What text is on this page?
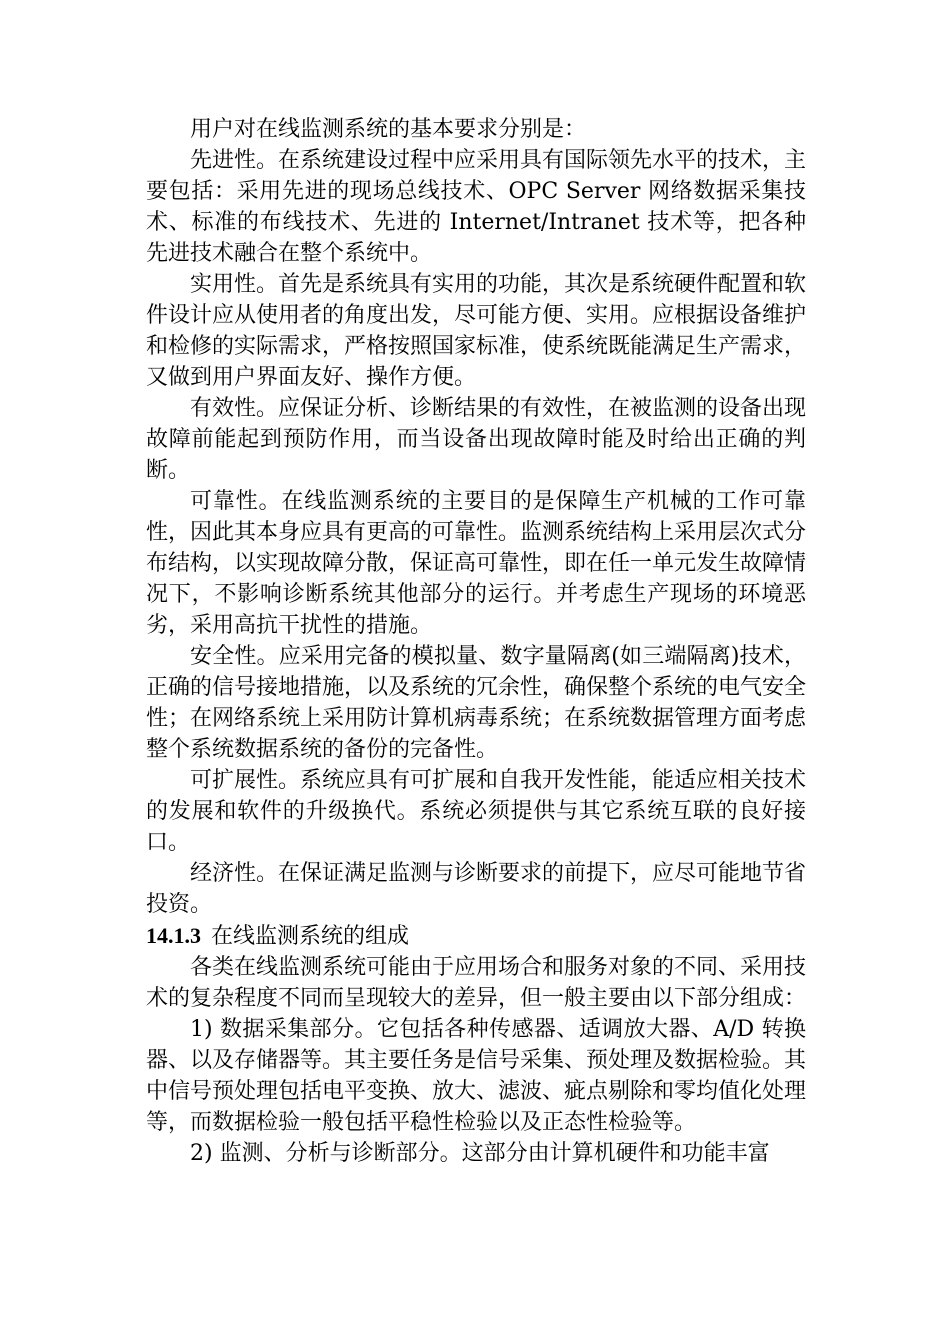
用户对在线监测系统的基本要求分别是：

先进性。在系统建设过程中应采用具有国际领先水平的技术，主要包括：采用先进的现场总线技术、OPC Server 网络数据采集技术、标准的布线技术、先进的 Internet/Intranet 技术等，把各种先进技术融合在整个系统中。

实用性。首先是系统具有实用的功能，其次是系统硬件配置和软件设计应从使用者的角度出发，尽可能方便、实用。应根据设备维护和检修的实际需求，严格按照国家标准，使系统既能满足生产需求，又做到用户界面友好、操作方便。

有效性。应保证分析、诊断结果的有效性，在被监测的设备出现故障前能起到预防作用，而当设备出现故障时能及时给出正确的判断。

可靠性。在线监测系统的主要目的是保障生产机械的工作可靠性，因此其本身应具有更高的可靠性。监测系统结构上采用层次式分布结构，以实现故障分散，保证高可靠性，即在任一单元发生故障情况下，不影响诊断系统其他部分的运行。并考虑生产现场的环境恶劣，采用高抗干扰性的措施。

安全性。应采用完备的模拟量、数字量隔离(如三端隔离)技术，正确的信号接地措施，以及系统的冗余性，确保整个系统的电气安全性；在网络系统上采用防计算机病毒系统；在系统数据管理方面考虑整个系统数据系统的备份的完备性。

可扩展性。系统应具有可扩展和自我开发性能，能适应相关技术的发展和软件的升级换代。系统必须提供与其它系统互联的良好接口。

经济性。在保证满足监测与诊断要求的前提下，应尽可能地节省投资。

14.1.3 在线监测系统的组成

各类在线监测系统可能由于应用场合和服务对象的不同、采用技术的复杂程度不同而呈现较大的差异，但一般主要由以下部分组成：

1) 数据采集部分。它包括各种传感器、适调放大器、A/D 转换器、以及存储器等。其主要任务是信号采集、预处理及数据检验。其中信号预处理包括电平变换、放大、滤波、疵点剔除和零均值化处理等，而数据检验一般包括平稳性检验以及正态性检验等。

2) 监测、分析与诊断部分。这部分由计算机硬件和功能丰富
